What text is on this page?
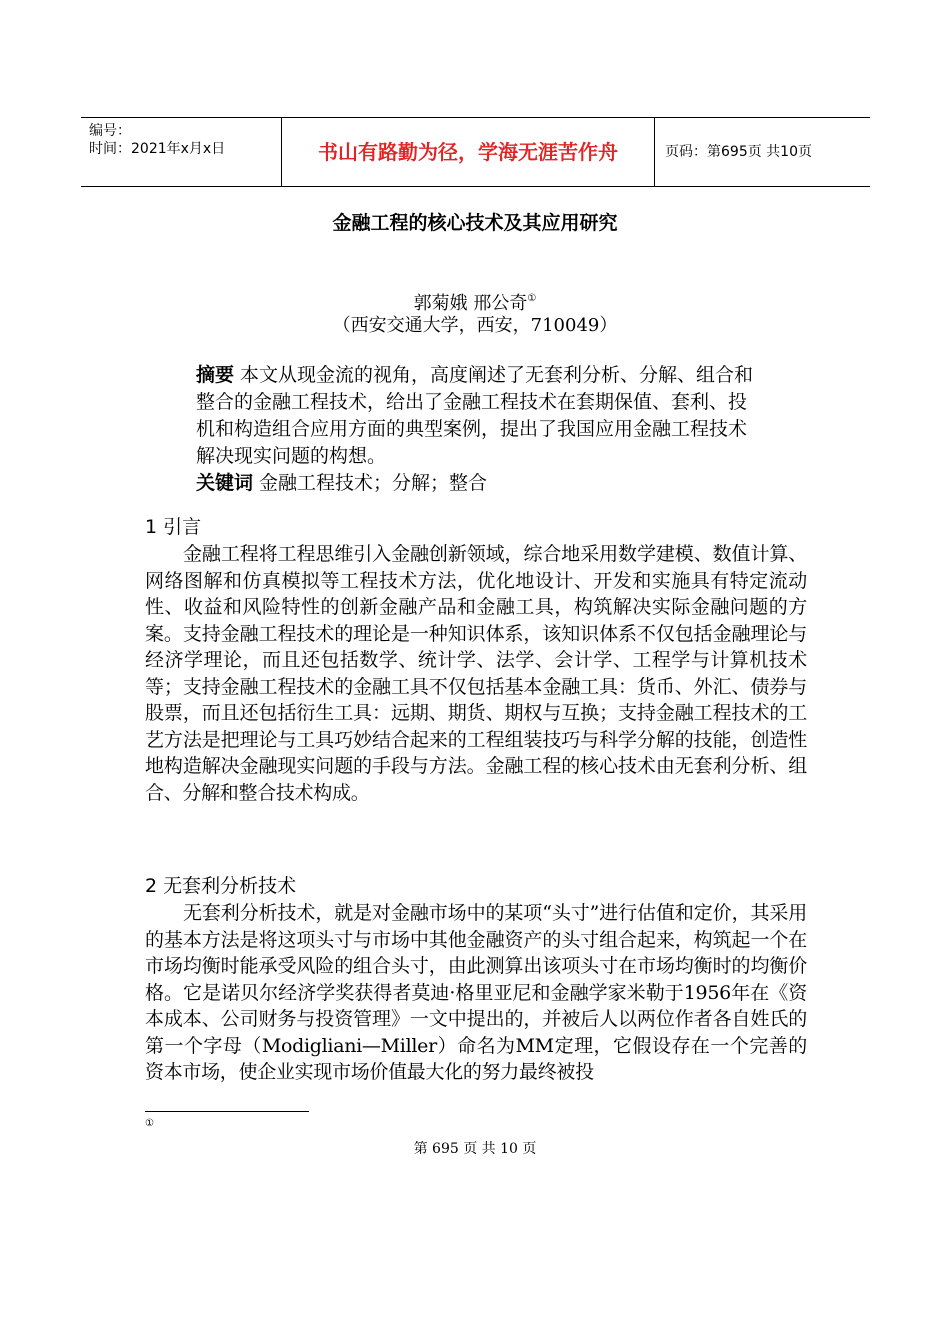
编号：
时间：2021年x月x日	书山有路勤为径，学海无涯苦作舟	页码：第695页 共10页
金融工程的核心技术及其应用研究
郭菊娥 邢公奇①
（西安交通大学，西安，710049）

摘要 本文从现金流的视角，高度阐述了无套利分析、分解、组合和整合的金融工程技术，给出了金融工程技术在套期保值、套利、投机和构造组合应用方面的典型案例，提出了我国应用金融工程技术解决现实问题的构想。

关键词 金融工程技术；分解；整合

1 引言

金融工程将工程思维引入金融创新领域，综合地采用数学建模、数值计算、网络图解和仿真模拟等工程技术方法，优化地设计、开发和实施具有特定流动性、收益和风险特性的创新金融产品和金融工具，构筑解决实际金融问题的方案。支持金融工程技术的理论是一种知识体系，该知识体系不仅包括金融理论与经济学理论，而且还包括数学、统计学、法学、会计学、工程学与计算机技术等；支持金融工程技术的金融工具不仅包括基本金融工具：货币、外汇、债券与股票，而且还包括衍生工具：远期、期货、期权与互换；支持金融工程技术的工艺方法是把理论与工具巧妙结合起来的工程组装技巧与科学分解的技能，创造性地构造解决金融现实问题的手段与方法。金融工程的核心技术由无套利分析、组合、分解和整合技术构成。

2 无套利分析技术

无套利分析技术，就是对金融市场中的某项“头寸”进行估值和定价，其采用的基本方法是将这项头寸与市场中其他金融资产的头寸组合起来，构筑起一个在市场均衡时能承受风险的组合头寸，由此测算出该项头寸在市场均衡时的均衡价格。它是诺贝尔经济学奖获得者莫迪·格里亚尼和金融学家米勒于1956年在《资本成本、公司财务与投资管理》一文中提出的，并被后人以两位作者各自姓氏的第一个字母（Modigliani—Miller）命名为MM定理，它假设存在一个完善的资本市场，使企业实现市场价值最大化的努力最终被投

①
第 695 页 共 10 页
